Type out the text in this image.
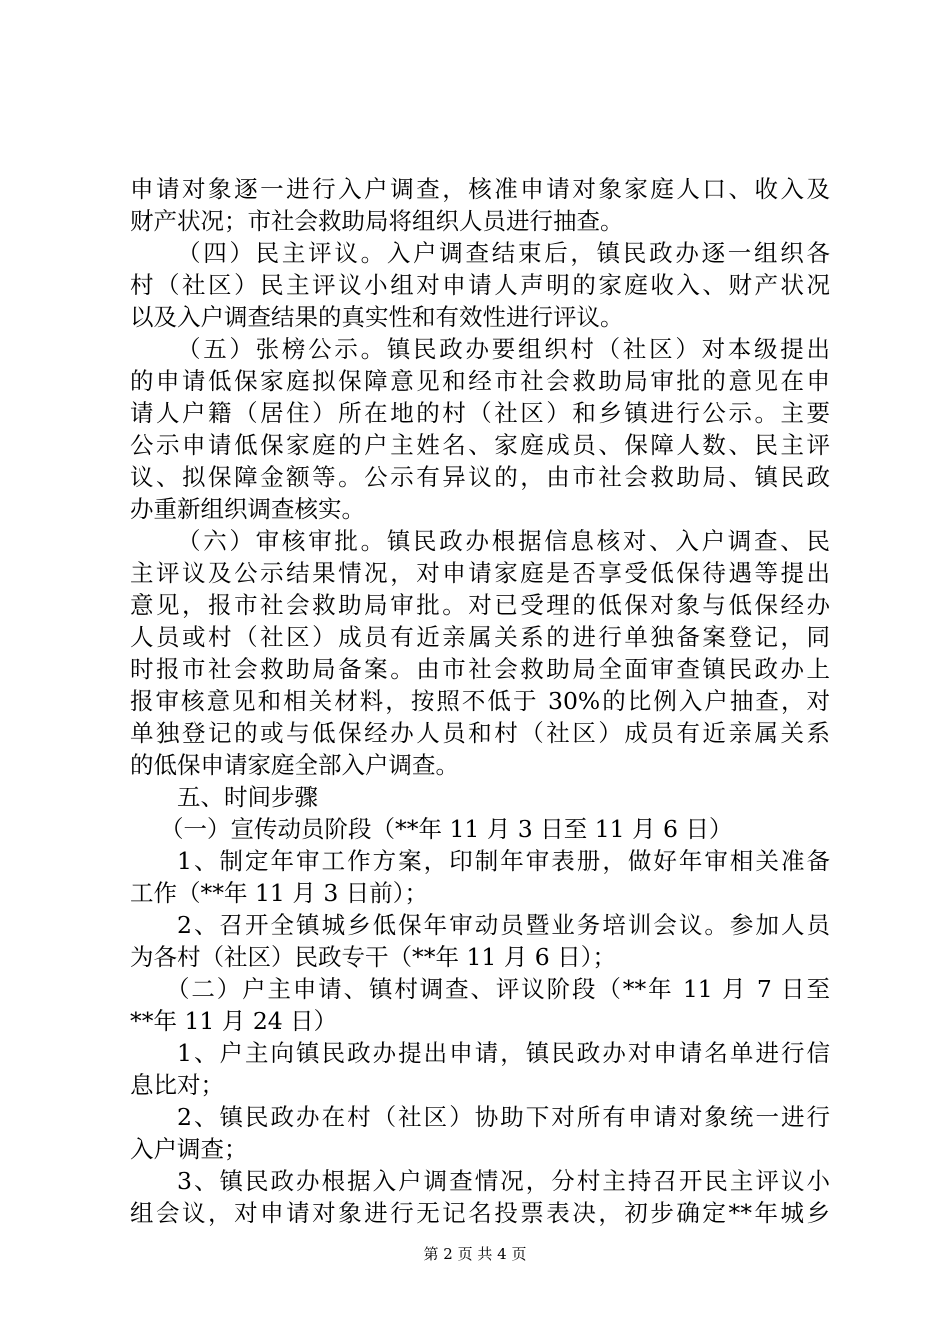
申请对象逐一进行入户调查，核准申请对象家庭人口、收入及
财产状况；市社会救助局将组织人员进行抽查。
（四）民主评议。入户调查结束后，镇民政办逐一组织各
村（社区）民主评议小组对申请人声明的家庭收入、财产状况
以及入户调查结果的真实性和有效性进行评议。
（五）张榜公示。镇民政办要组织村（社区）对本级提出
的申请低保家庭拟保障意见和经市社会救助局审批的意见在申
请人户籍（居住）所在地的村（社区）和乡镇进行公示。主要
公示申请低保家庭的户主姓名、家庭成员、保障人数、民主评
议、拟保障金额等。公示有异议的，由市社会救助局、镇民政
办重新组织调查核实。
（六）审核审批。镇民政办根据信息核对、入户调查、民
主评议及公示结果情况，对申请家庭是否享受低保待遇等提出
意见，报市社会救助局审批。对已受理的低保对象与低保经办
人员或村（社区）成员有近亲属关系的进行单独备案登记，同
时报市社会救助局备案。由市社会救助局全面审查镇民政办上
报审核意见和相关材料，按照不低于 30%的比例入户抽查，对
单独登记的或与低保经办人员和村（社区）成员有近亲属关系
的低保申请家庭全部入户调查。
五、时间步骤
（一）宣传动员阶段（**年 11 月 3 日至 11 月 6 日）
1、制定年审工作方案，印制年审表册，做好年审相关准备
工作（**年 11 月 3 日前）；
2、召开全镇城乡低保年审动员暨业务培训会议。参加人员
为各村（社区）民政专干（**年 11 月 6 日）；
（二）户主申请、镇村调查、评议阶段（**年 11 月 7 日至
**年 11 月 24 日）
1、户主向镇民政办提出申请，镇民政办对申请名单进行信
息比对；
2、镇民政办在村（社区）协助下对所有申请对象统一进行
入户调查；
3、镇民政办根据入户调查情况，分村主持召开民主评议小
组会议，对申请对象进行无记名投票表决，初步确定**年城乡
第 2 页 共 4 页
